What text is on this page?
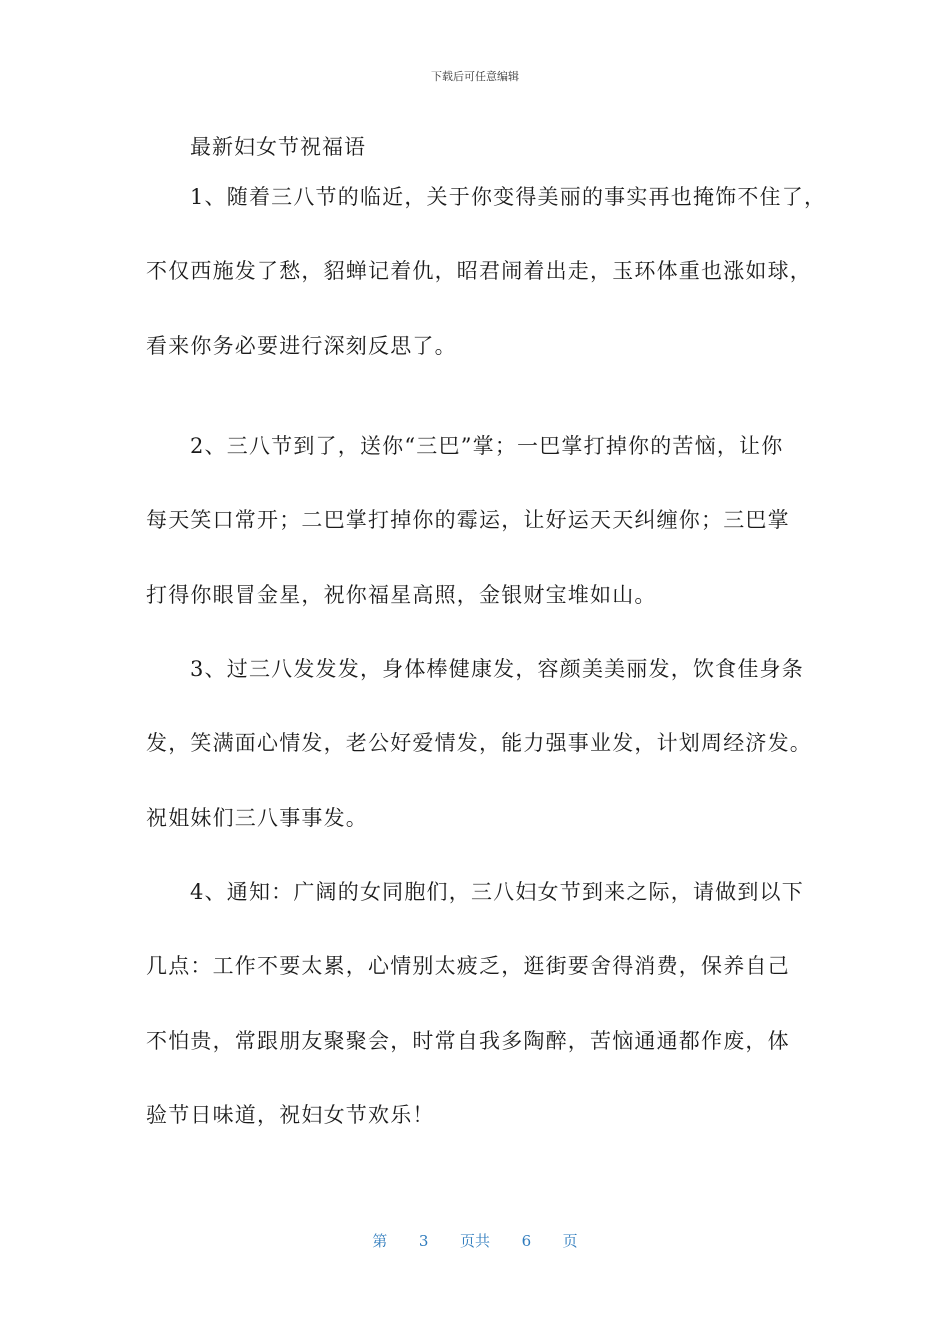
下载后可任意编辑
最新妇女节祝福语
1、随着三八节的临近，关于你变得美丽的事实再也掩饰不住了，
不仅西施发了愁，貂蝉记着仇，昭君闹着出走，玉环体重也涨如球，
看来你务必要进行深刻反思了。
2、三八节到了，送你“三巴”掌；一巴掌打掉你的苦恼，让你
每天笑口常开；二巴掌打掉你的霉运，让好运天天纠缠你；三巴掌
打得你眼冒金星，祝你福星高照，金银财宝堆如山。
3、过三八发发发，身体棒健康发，容颜美美丽发，饮食佳身条
发，笑满面心情发，老公好爱情发，能力强事业发，计划周经济发。
祝姐妹们三八事事发。
4、通知：广阔的女同胞们，三八妇女节到来之际，请做到以下
几点：工作不要太累，心情别太疲乏，逛街要舍得消费，保养自己
不怕贵，常跟朋友聚聚会，时常自我多陶醉，苦恼通通都作废，体
验节日味道，祝妇女节欢乐！
第 3 页共 6 页
